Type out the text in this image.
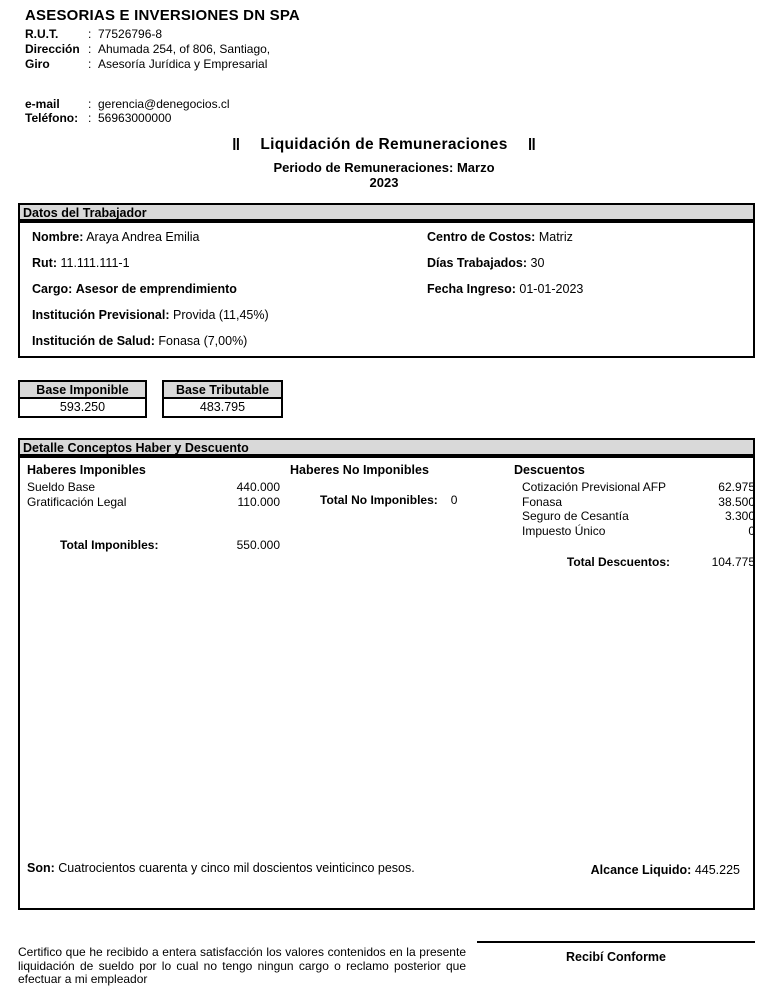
ASESORIAS E INVERSIONES DN SPA
R.U.T.	: 77526796-8
Dirección : Ahumada 254, of 806, Santiago,
Giro	: Asesoría Jurídica y Empresarial
e-mail	: gerencia@denegocios.cl
Teléfono: : 56963000000
‖ Liquidación de Remuneraciones ‖
Periodo de Remuneraciones: Marzo
2023
Datos del Trabajador
Nombre: Araya Andrea Emilia
Rut: 11.111.111-1
Cargo: Asesor de emprendimiento
Institución Previsional: Provida (11,45%)
Institución de Salud: Fonasa (7,00%)
Centro de Costos: Matriz
Días Trabajados: 30
Fecha Ingreso: 01-01-2023
Base Imponible
593.250
Base Tributable
483.795
Detalle Conceptos Haber y Descuento
Haberes Imponibles
Sueldo Base	440.000
Gratificación Legal	110.000
Total Imponibles:	550.000
Haberes No Imponibles
Total No Imponibles: 0
Descuentos
Cotización Previsional AFP	62.975
Fonasa	38.500
Seguro de Cesantía	3.300
Impuesto Único	0
Total Descuentos:	104.775
Son: Cuatrocientos cuarenta y cinco mil doscientos veinticinco pesos.	Alcance Liquido: 445.225
Certifico que he recibido a entera satisfacción los valores contenidos en la presente liquidación de sueldo por lo cual no tengo ningun cargo o reclamo posterior que efectuar a mi empleador
Recibí Conforme
